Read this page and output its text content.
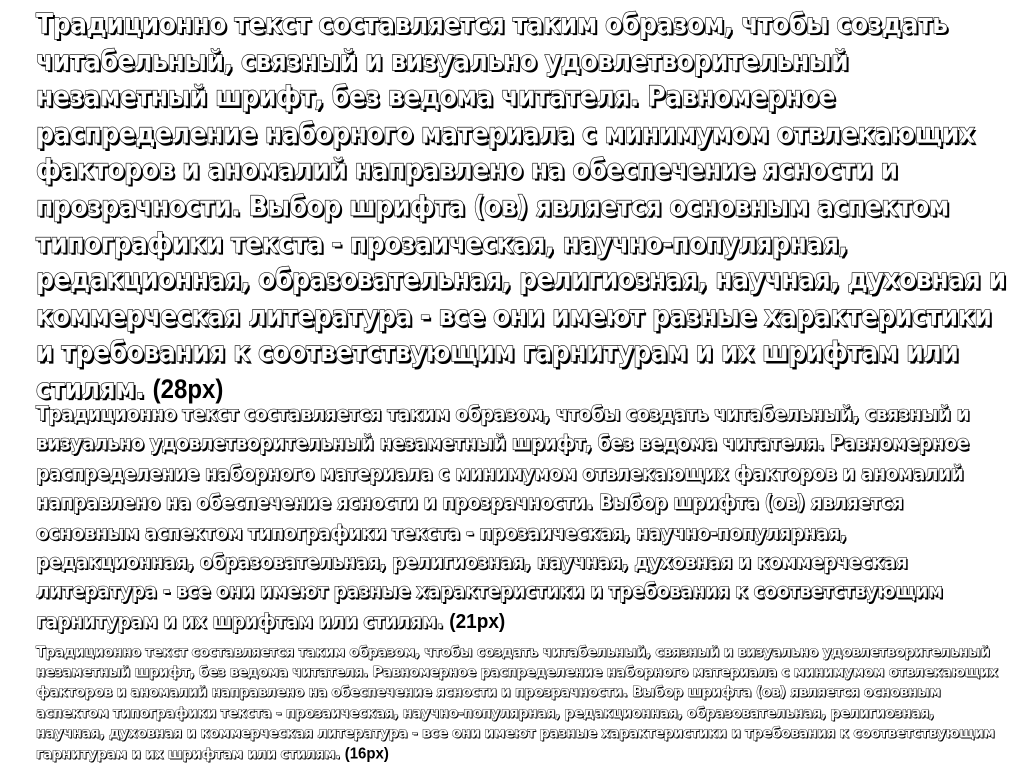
Традиционно текст составляется таким образом, чтобы создать читабельный, связный и визуально удовлетворительный незаметный шрифт, без ведома читателя. Равномерное распределение наборного материала с минимумом отвлекающих факторов и аномалий направлено на обеспечение ясности и прозрачности. Выбор шрифта (ов) является основным аспектом типографики текста - прозаическая, научно-популярная, редакционная, образовательная, религиозная, научная, духовная и коммерческая литература - все они имеют разные характеристики и требования к соответствующим гарнитурам и их шрифтам или стилям. (28px)

Традиционно текст составляется таким образом, чтобы создать читабельный, связный и визуально удовлетворительный незаметный шрифт, без ведома читателя. Равномерное распределение наборного материала с минимумом отвлекающих факторов и аномалий направлено на обеспечение ясности и прозрачности. Выбор шрифта (ов) является основным аспектом типографики текста - прозаическая, научно-популярная, редакционная, образовательная, религиозная, научная, духовная и коммерческая литература - все они имеют разные характеристики и требования к соответствующим гарнитурам и их шрифтам или стилям. (21px)

Традиционно текст составляется таким образом, чтобы создать читабельный, связный и визуально удовлетворительный незаметный шрифт, без ведома читателя. Равномерное распределение наборного материала с минимумом отвлекающих факторов и аномалий направлено на обеспечение ясности и прозрачности. Выбор шрифта (ов) является основным аспектом типографики текста - прозаическая, научно-популярная, редакционная, образовательная, религиозная, научная, духовная и коммерческая литература - все они имеют разные характеристики и требования к соответствующим гарнитурам и их шрифтам или стилям. (16px)
